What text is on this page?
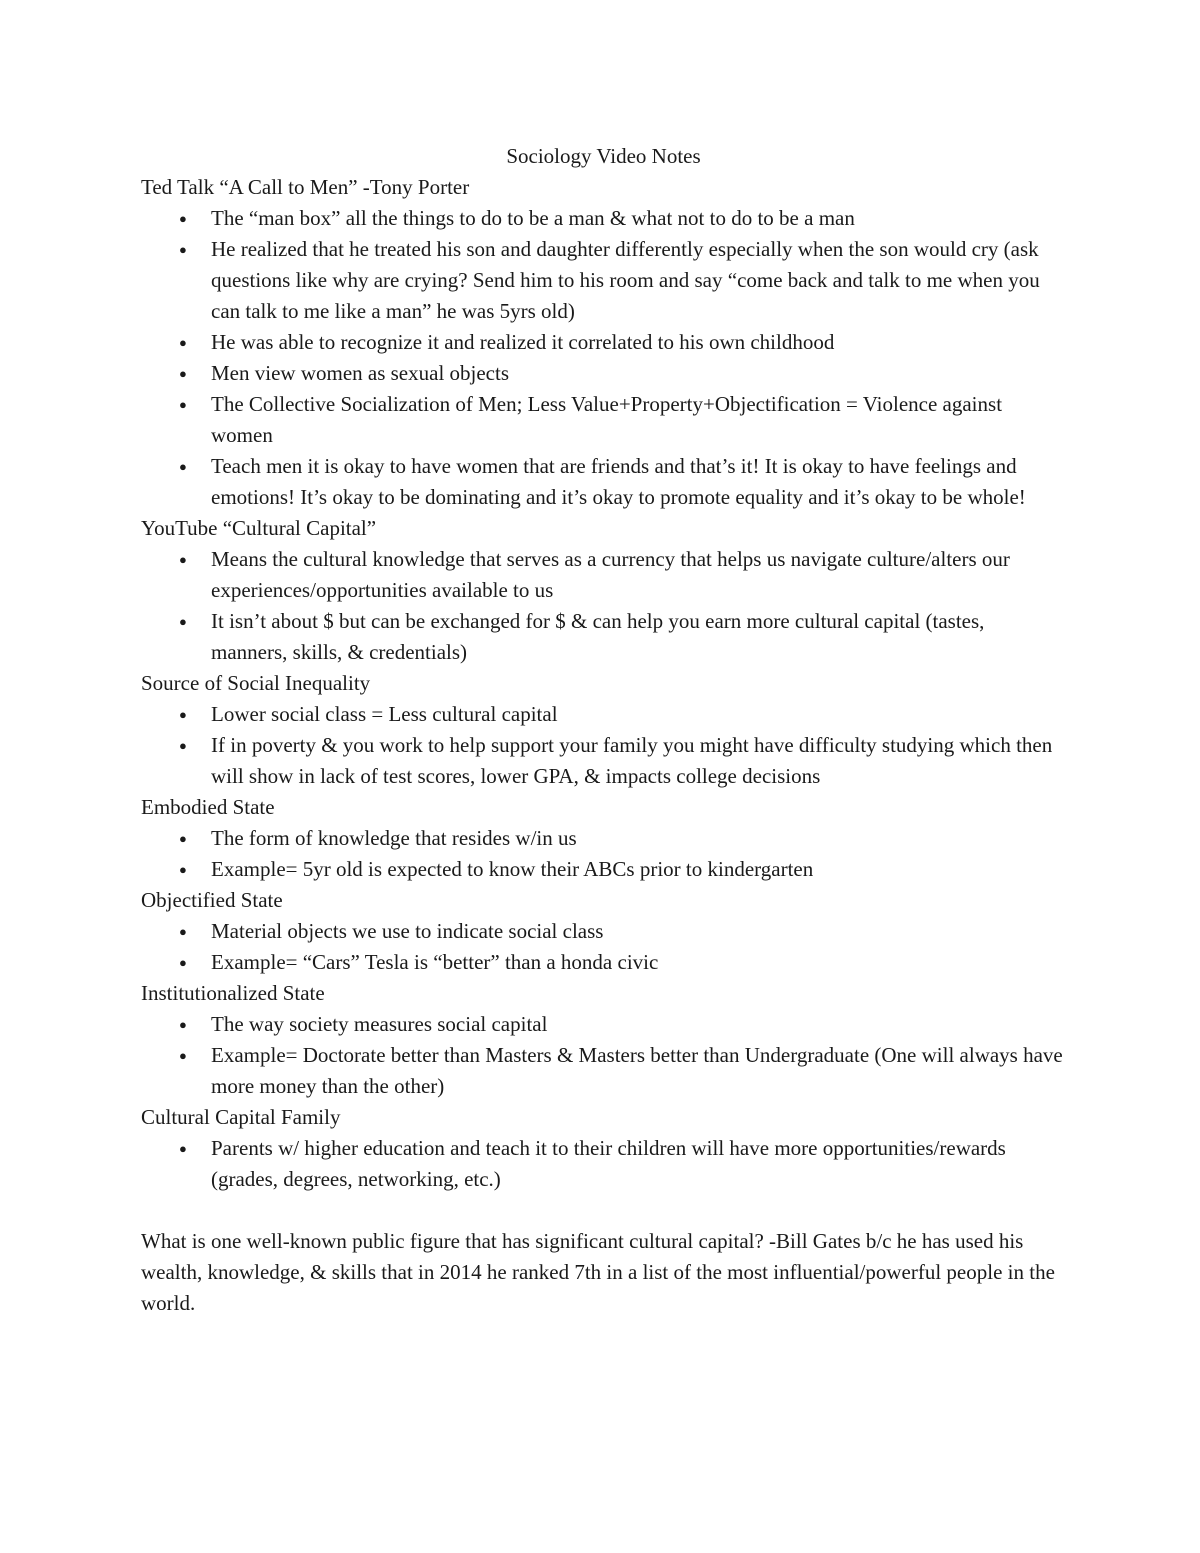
Sociology Video Notes

Ted Talk “A Call to Men” -Tony Porter

● The “man box” all the things to do to be a man & what not to do to be a man
● He realized that he treated his son and daughter differently especially when the son would cry (ask questions like why are crying? Send him to his room and say “come back and talk to me when you can talk to me like a man” he was 5yrs old)
● He was able to recognize it and realized it correlated to his own childhood
● Men view women as sexual objects
● The Collective Socialization of Men; Less Value+Property+Objectification = Violence against women
● Teach men it is okay to have women that are friends and that’s it! It is okay to have feelings and emotions! It’s okay to be dominating and it’s okay to promote equality and it’s okay to be whole!

YouTube “Cultural Capital”

● Means the cultural knowledge that serves as a currency that helps us navigate culture/alters our experiences/opportunities available to us
● It isn’t about $ but can be exchanged for $ & can help you earn more cultural capital (tastes, manners, skills, & credentials)

Source of Social Inequality

● Lower social class = Less cultural capital
● If in poverty & you work to help support your family you might have difficulty studying which then will show in lack of test scores, lower GPA, & impacts college decisions

Embodied State

● The form of knowledge that resides w/in us
● Example= 5yr old is expected to know their ABCs prior to kindergarten

Objectified State

● Material objects we use to indicate social class
● Example= “Cars” Tesla is “better” than a honda civic

Institutionalized State

● The way society measures social capital
● Example= Doctorate better than Masters & Masters better than Undergraduate (One will always have more money than the other)

Cultural Capital Family

● Parents w/ higher education and teach it to their children will have more opportunities/rewards (grades, degrees, networking, etc.)

What is one well-known public figure that has significant cultural capital? -Bill Gates b/c he has used his wealth, knowledge, & skills that in 2014 he ranked 7th in a list of the most influential/powerful people in the world.
